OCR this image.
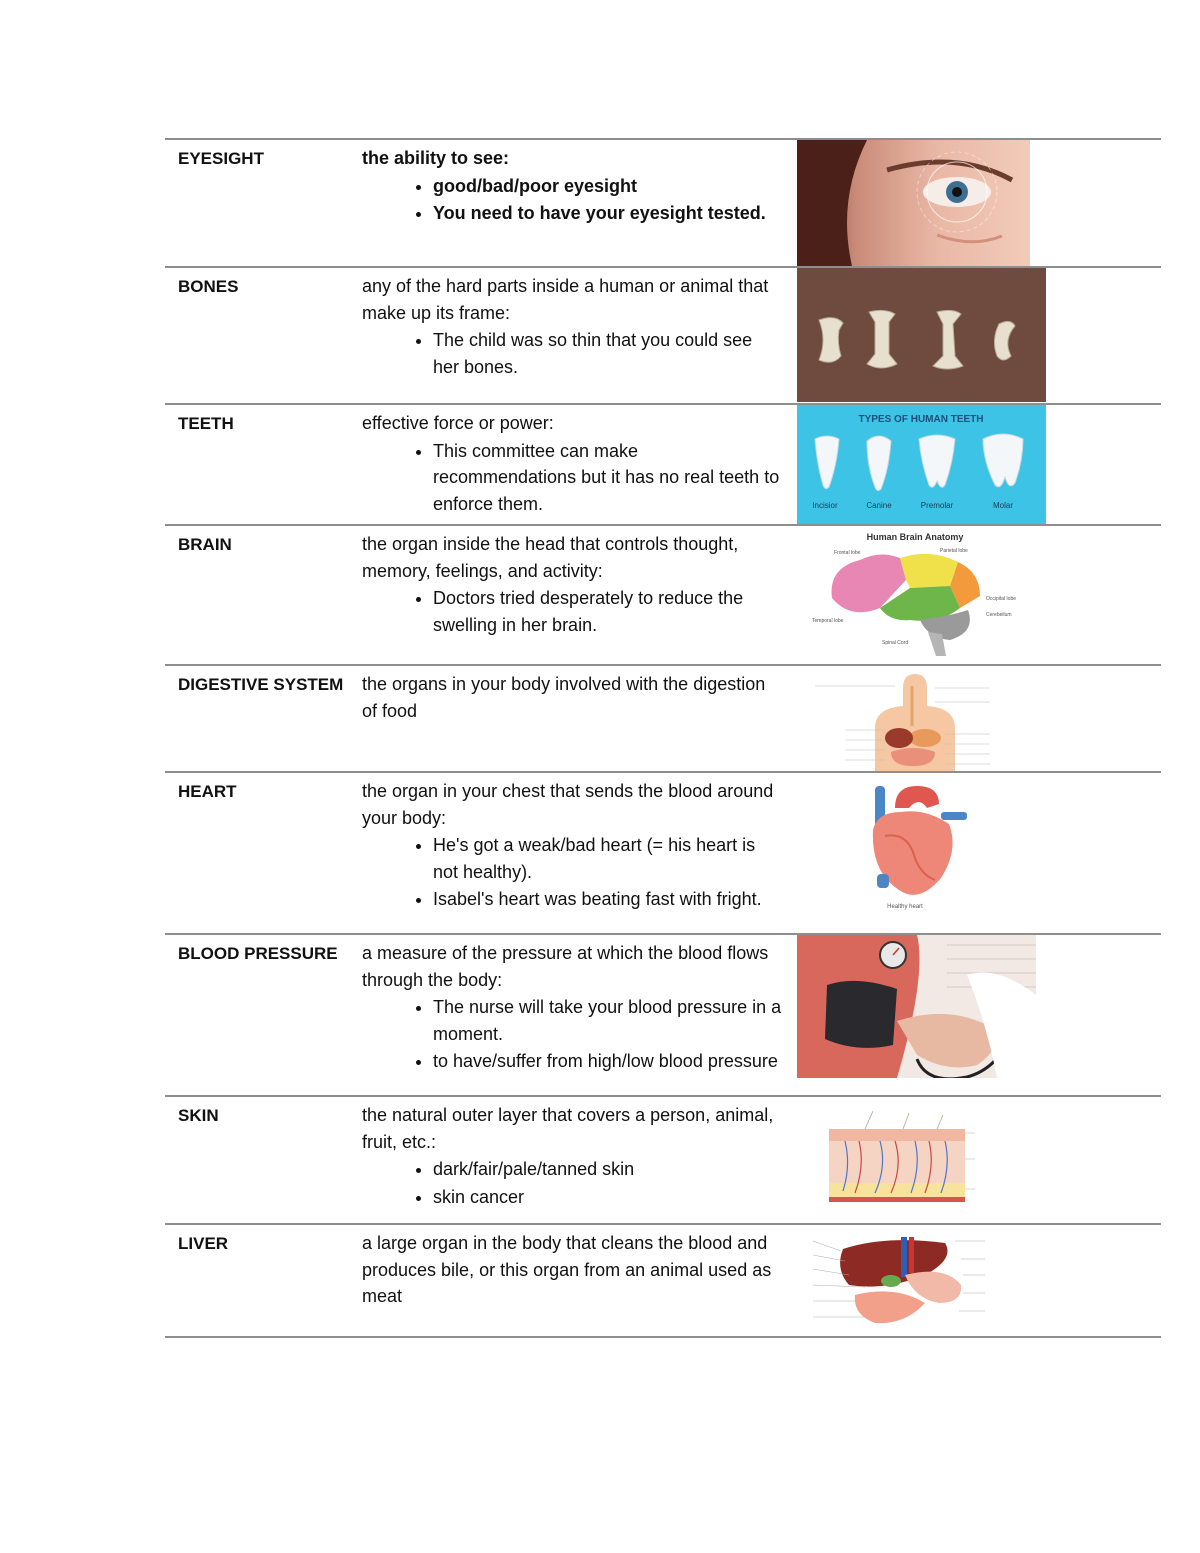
EYESIGHT	the ability to see:
• good/bad/poor eyesight
• You need to have your eyesight tested.
BONES	any of the hard parts inside a human or animal that make up its frame:
• The child was so thin that you could see her bones.
TEETH	effective force or power:
• This committee can make recommendations but it has no real teeth to enforce them.
TYPES OF HUMAN TEETH
Incisior	Canine	Premolar	Molar
BRAIN	the organ inside the head that controls thought, memory, feelings, and activity:
• Doctors tried desperately to reduce the swelling in her brain.
Human Brain Anatomy
Frontal lobe	Parietal lobe
Occipital lobe
Cerebellum
Temporal lobe
Spinal Cord
DIGESTIVE SYSTEM the organs in your body involved with the digestion of food
HEART	the organ in your chest that sends the blood around your body:
• He's got a weak/bad heart (= his heart is not healthy).
• Isabel's heart was beating fast with fright.	Healthy heart
BLOOD PRESSURE	a measure of the pressure at which the blood flows through the body:
• The nurse will take your blood pressure in a moment.
• to have/suffer from high/low blood pressure
SKIN	the natural outer layer that covers a person, animal, fruit, etc.:
• dark/fair/pale/tanned skin
• skin cancer
LIVER	a large organ in the body that cleans the blood and produces bile, or this organ from an animal used as meat
